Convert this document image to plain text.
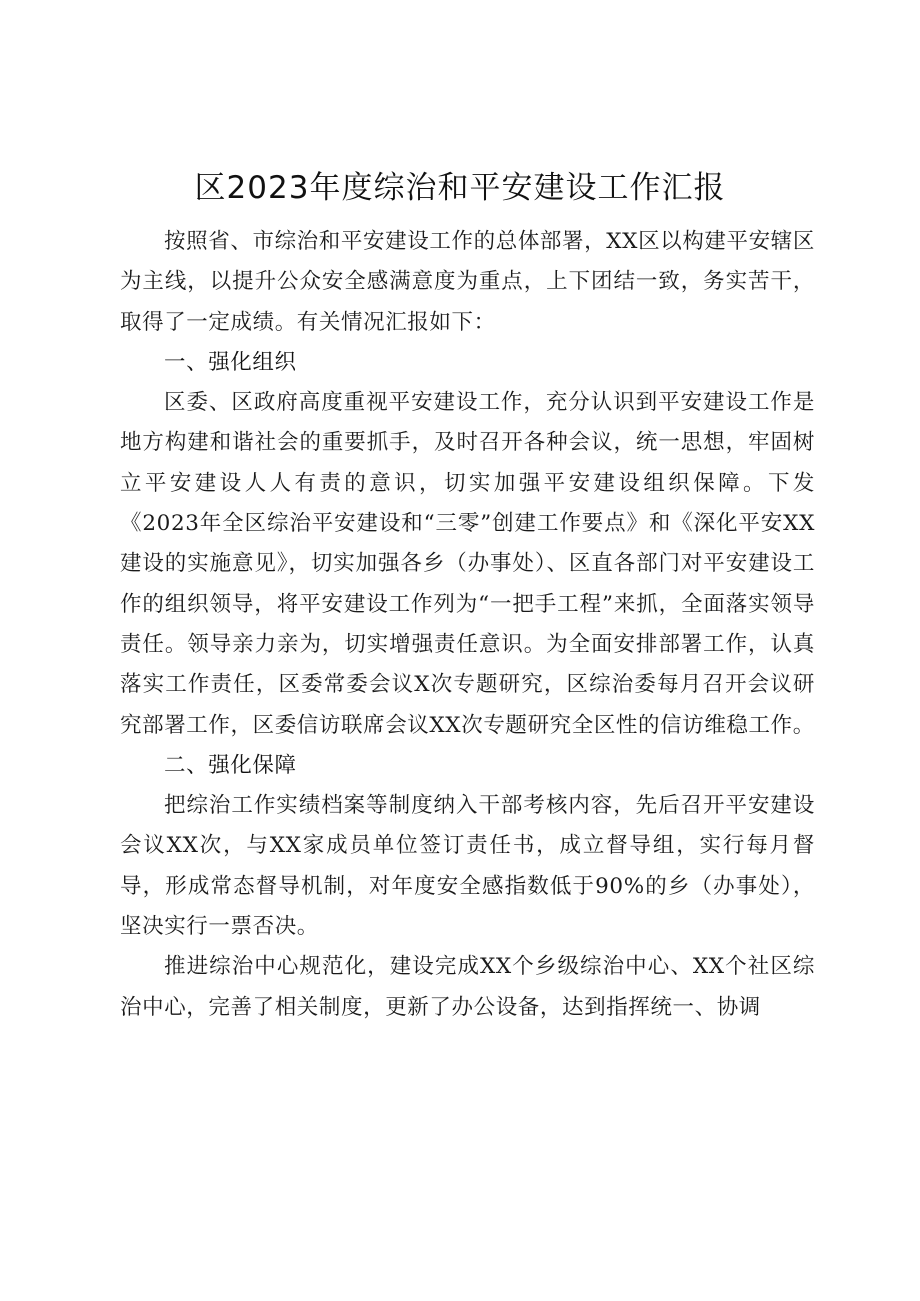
区2023年度综治和平安建设工作汇报

按照省、市综治和平安建设工作的总体部署，XX区以构建平安辖区为主线，以提升公众安全感满意度为重点，上下团结一致，务实苦干，取得了一定成绩。有关情况汇报如下：

一、强化组织

区委、区政府高度重视平安建设工作，充分认识到平安建设工作是地方构建和谐社会的重要抓手，及时召开各种会议，统一思想，牢固树立平安建设人人有责的意识，切实加强平安建设组织保障。下发《2023年全区综治平安建设和“三零”创建工作要点》和《深化平安XX建设的实施意见》，切实加强各乡（办事处）、区直各部门对平安建设工作的组织领导，将平安建设工作列为“一把手工程”来抓，全面落实领导责任。领导亲力亲为，切实增强责任意识。为全面安排部署工作，认真落实工作责任，区委常委会议X次专题研究，区综治委每月召开会议研究部署工作，区委信访联席会议XX次专题研究全区性的信访维稳工作。

二、强化保障

把综治工作实绩档案等制度纳入干部考核内容，先后召开平安建设会议XX次，与XX家成员单位签订责任书，成立督导组，实行每月督导，形成常态督导机制，对年度安全感指数低于90%的乡（办事处），坚决实行一票否决。

推进综治中心规范化，建设完成XX个乡级综治中心、XX个社区综治中心，完善了相关制度，更新了办公设备，达到指挥统一、协调
